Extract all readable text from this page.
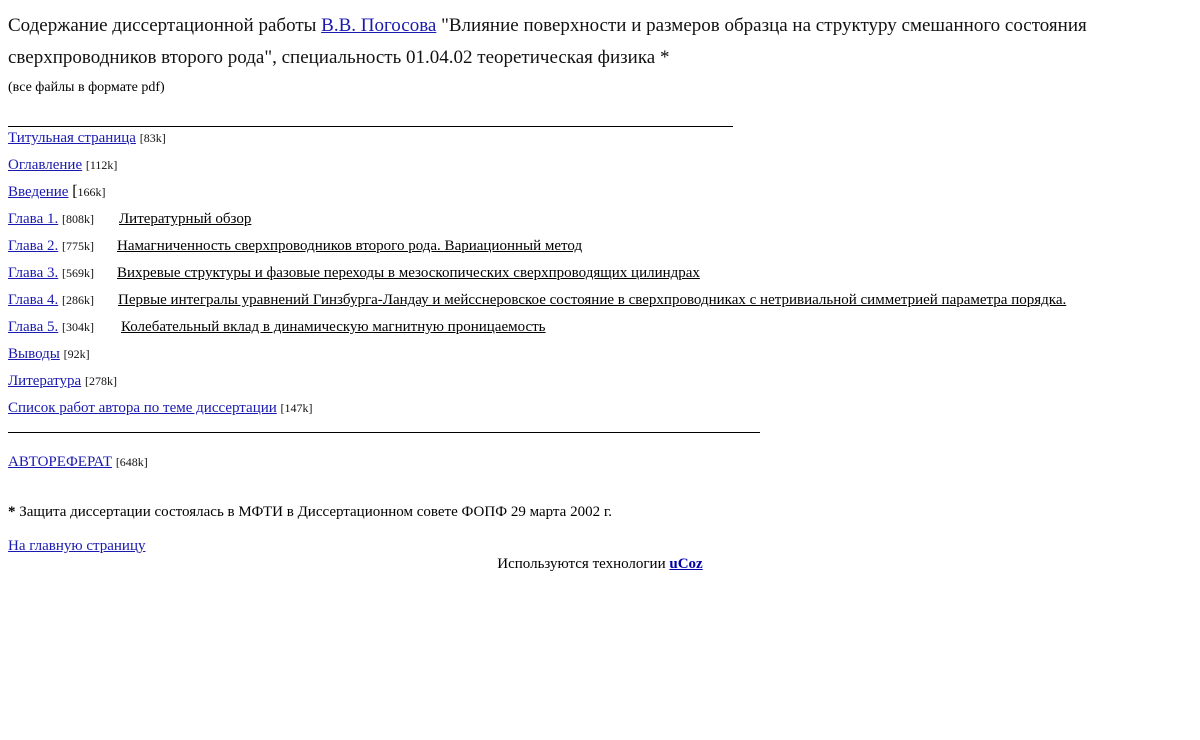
Содержание диссертационной работы В.В. Погосова "Влияние поверхности и размеров образца на структуру смешанного состояния сверхпроводников второго рода", специальность 01.04.02 теоретическая физика *
(все файлы в формате pdf)
Титульная страница [83k]
Оглавление [112k]
Введение [166k]
Глава 1. [808k] Литературный обзор
Глава 2. [775k] Намагниченность сверхпроводников второго рода. Вариационный метод
Глава 3. [569k] Вихревые структуры и фазовые переходы в мезоскопических сверхпроводящих цилиндрах
Глава 4. [286k] Первые интегралы уравнений Гинзбурга-Ландау и мейсснеровское состояние в сверхпроводниках с нетривиальной симметрией параметра порядка.
Глава 5. [304k] Колебательный вклад в динамическую магнитную проницаемость
Выводы [92k]
Литература [278k]
Список работ автора по теме диссертации [147k]
АВТОРЕФЕРАТ [648k]
* Защита диссертации состоялась в МФТИ в Диссертационном совете ФОПФ 29 марта 2002 г.
На главную страницу
Используются технологии uCoz
